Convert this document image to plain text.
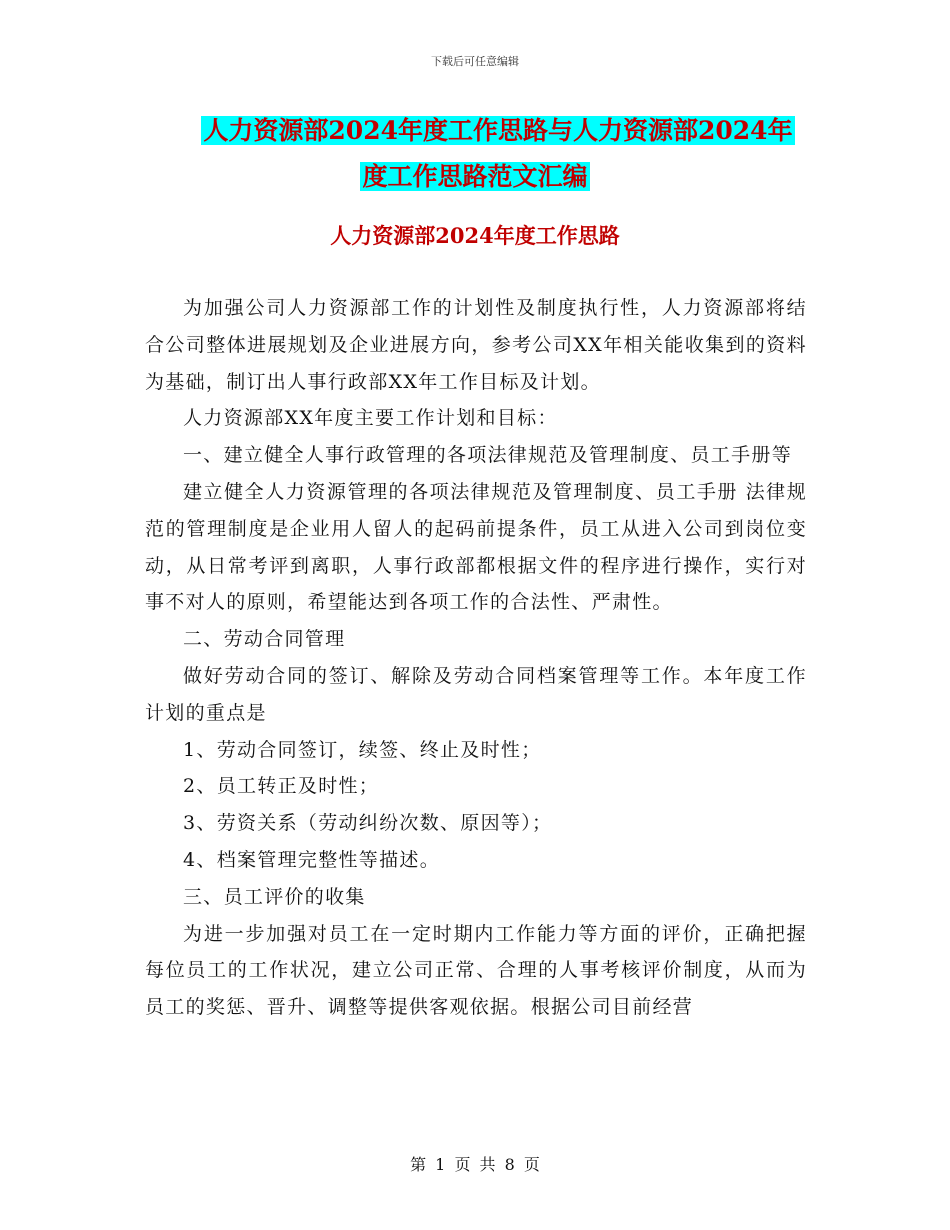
下载后可任意编辑
人力资源部2024年度工作思路与人力资源部2024年
度工作思路范文汇编
人力资源部2024年度工作思路

为加强公司人力资源部工作的计划性及制度执行性，人力资源部将结合公司整体进展规划及企业进展方向，参考公司XX年相关能收集到的资料为基础，制订出人事行政部XX年工作目标及计划。

人力资源部XX年度主要工作计划和目标：

一、建立健全人事行政管理的各项法律规范及管理制度、员工手册等

建立健全人力资源管理的各项法律规范及管理制度、员工手册 法律规范的管理制度是企业用人留人的起码前提条件，员工从进入公司到岗位变动，从日常考评到离职，人事行政部都根据文件的程序进行操作，实行对事不对人的原则，希望能达到各项工作的合法性、严肃性。

二、劳动合同管理

做好劳动合同的签订、解除及劳动合同档案管理等工作。本年度工作计划的重点是

1、劳动合同签订，续签、终止及时性；

2、员工转正及时性；

3、劳资关系（劳动纠纷次数、原因等）；

4、档案管理完整性等描述。

三、员工评价的收集

为进一步加强对员工在一定时期内工作能力等方面的评价，正确把握每位员工的工作状况，建立公司正常、合理的人事考核评价制度，从而为员工的奖惩、晋升、调整等提供客观依据。根据公司目前经营

第 1 页 共 8 页
